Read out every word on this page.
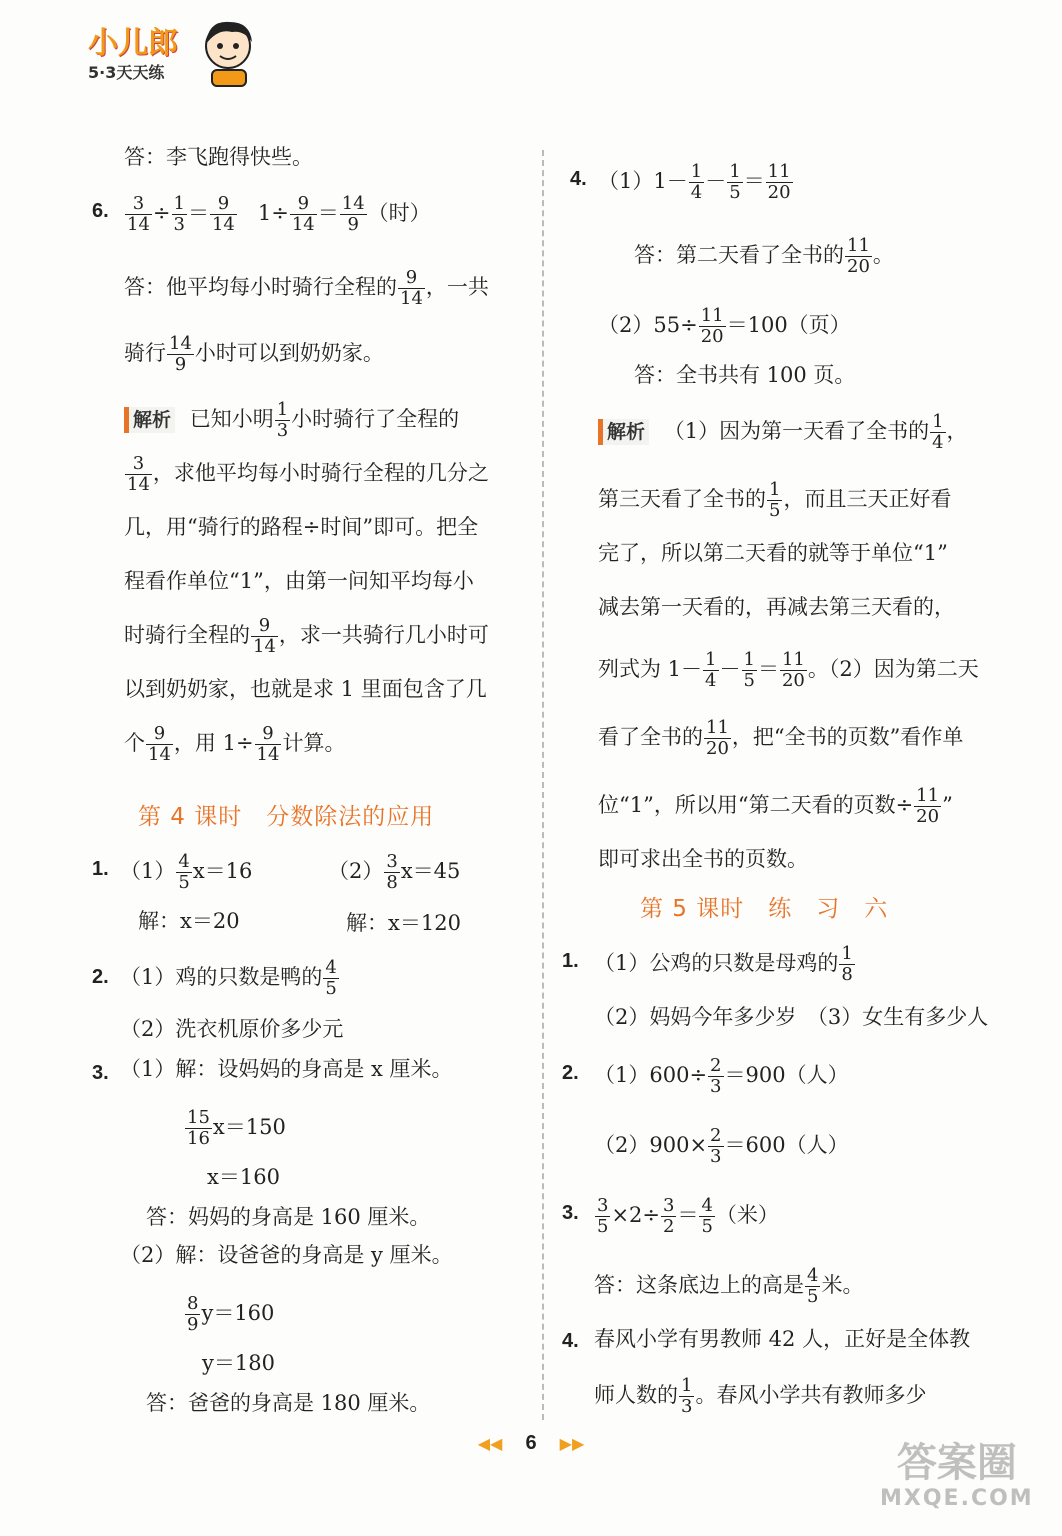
小儿郎
5·3天天练
答：李飞跑得快些。
6. $\frac{3}{14} \div \frac{1}{3} = \frac{9}{14} 1\div \frac{9}{14} = \frac{14}{9}$ （时）
答：他平均每小时骑行全程的 $\frac{9}{14}$ ，一共
骑行 $\frac{14}{9}$ 小时可以到奶奶家。
解析 已知小明 $\frac{1}{3}$ 小时骑行了全程的
$\frac{3}{14}$ ，求他平均每小时骑行全程的几分之
几，用“骑行的路程÷时间”即可。把全
程看作单位“1”，由第一问知平均每小
时骑行全程的 $\frac{9}{14}$ ，求一共骑行几小时可
以到奶奶家，也就是求 1 里面包含了几
个 $\frac{9}{14}$ ，用 $1\div \frac{9}{14}$ 计算。
第 4 课时　分数除法的应用
1. $(1) \frac{4}{5} x=16$	$(2) \frac{3}{8} x=45$
解：x＝20	解：x＝120
2. （1）鸡的只数是鸭的 $\frac{4}{5}$
（2）洗衣机原价多少元
3. （1）解：设妈妈的身高是 x 厘米。
$\frac{15}{16} x=150$
x＝160
答：妈妈的身高是 160 厘米。
（2）解：设爸爸的身高是 y 厘米。
$\frac{8}{9} y=160$
y＝180
答：爸爸的身高是 180 厘米。
4. $(1)1- \frac{1}{4} - \frac{1}{5} = \frac{11}{20}$
答：第二天看了全书的 $\frac{11}{20}$ 。
$(2)55\div \frac{11}{20} =100$（页）
答：全书共有 100 页。
解析 （1）因为第一天看了全书的 $\frac{1}{4}$ ，
第三天看了全书的 $\frac{1}{5}$ ，而且三天正好看
完了，所以第二天看的就等于单位“1”
减去第一天看的，再减去第三天看的，
列式为 $1- \frac{1}{4} - \frac{1}{5} = \frac{11}{20}$ 。（2）因为第二天
看了全书的 $\frac{11}{20}$ ，把“全书的页数”看作单
位“1”，所以用“第二天看的页数÷ $\frac{11}{20}$ ”
即可求出全书的页数。
第 5 课时　练　习　六
1. （1）公鸡的只数是母鸡的 $\frac{1}{8}$
（2）妈妈今年多少岁　（3）女生有多少人
2. $(1)600\div \frac{2}{3} =900$（人）
$(2)900\times \frac{2}{3} =600$（人）
3. $\frac{3}{5} \times 2\div \frac{3}{2} = \frac{4}{5}$ （米）
答：这条底边上的高是 $\frac{4}{5}$ 米。
4. 春风小学有男教师 42 人，正好是全体教
师人数的 $\frac{1}{3}$ 。春风小学共有教师多少
◀◀ 6 ▶▶	答案圈
MXQE.COM
